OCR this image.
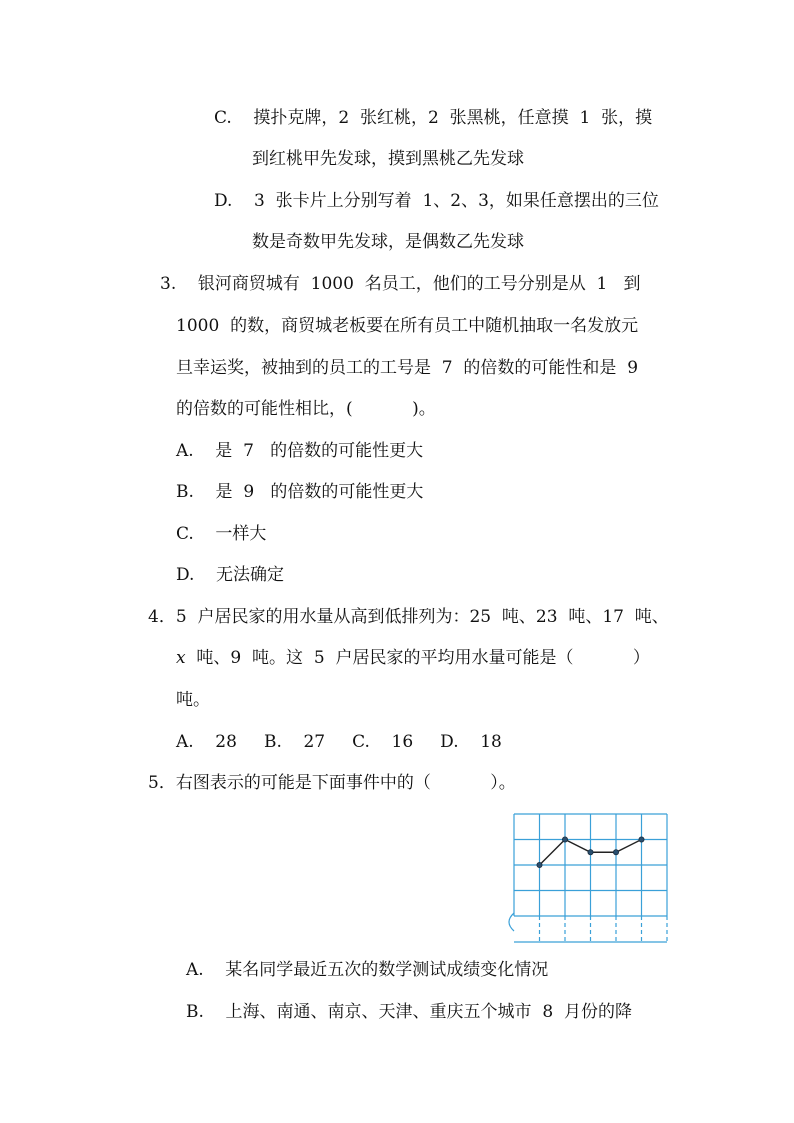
C.    摸扑克牌，2  张红桃，2  张黑桃，任意摸  1  张，摸
到红桃甲先发球，摸到黑桃乙先发球
D.    3  张卡片上分别写着  1、2、3，如果任意摆出的三位
数是奇数甲先发球，是偶数乙先发球
3.    银河商贸城有  1000  名员工，他们的工号分别是从  1   到
1000  的数，商贸城老板要在所有员工中随机抽取一名发放元
旦幸运奖，被抽到的员工的工号是  7  的倍数的可能性和是  9
的倍数的可能性相比，(           )。
A.    是  7   的倍数的可能性更大
B.    是  9   的倍数的可能性更大
C.    一样大
D.    无法确定
4．5  户居民家的用水量从高到低排列为：25  吨、23  吨、17  吨、
x  吨、9  吨。这  5  户居民家的平均用水量可能是（           ）
吨。
A.    28     B.    27     C.    16     D.    18
5．右图表示的可能是下面事件中的（           ）。
A.    某名同学最近五次的数学测试成绩变化情况
B.    上海、南通、南京、天津、重庆五个城市  8  月份的降
